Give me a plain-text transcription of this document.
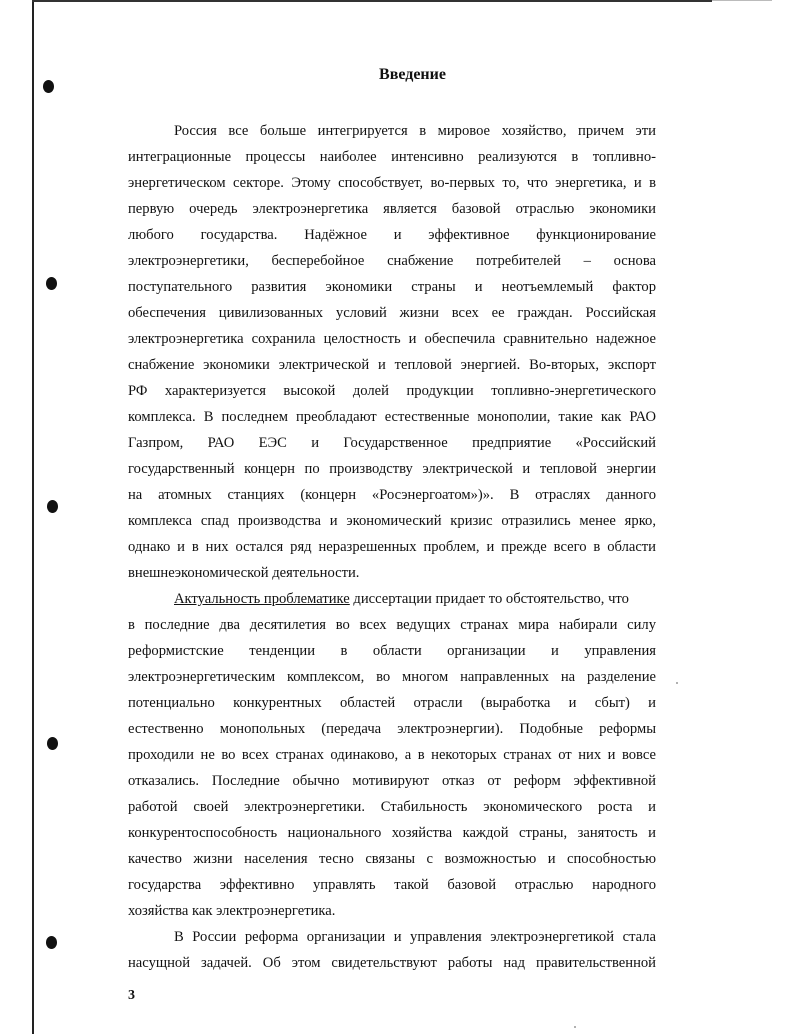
Введение
Россия все больше интегрируется в мировое хозяйство, причем эти
интеграционные процессы наиболее интенсивно реализуются в топливно-
энергетическом секторе. Этому способствует, во-первых то, что энергетика, и в
первую очередь электроэнергетика является базовой отраслью экономики
любого государства. Надёжное и эффективное функционирование
электроэнергетики, бесперебойное снабжение потребителей – основа
поступательного развития экономики страны и неотъемлемый фактор
обеспечения цивилизованных условий жизни всех ее граждан. Российская
электроэнергетика сохранила целостность и обеспечила сравнительно надежное
снабжение экономики электрической и тепловой энергией. Во-вторых, экспорт
РФ характеризуется высокой долей продукции топливно-энергетического
комплекса. В последнем преобладают естественные монополии, такие как РАО
Газпром, РАО ЕЭС и Государственное предприятие «Российский
государственный концерн по производству электрической и тепловой энергии
на атомных станциях (концерн «Росэнергоатом»)». В отраслях данного
комплекса спад производства и экономический кризис отразились менее ярко,
однако и в них остался ряд неразрешенных проблем, и прежде всего в области
внешнеэкономической деятельности.
Актуальность проблематике диссертации придает то обстоятельство, что
в последние два десятилетия во всех ведущих странах мира набирали силу
реформистские тенденции в области организации и управления
электроэнергетическим комплексом, во многом направленных на разделение
потенциально конкурентных областей отрасли (выработка и сбыт) и
естественно монопольных (передача электроэнергии). Подобные реформы
проходили не во всех странах одинаково, а в некоторых странах от них и вовсе
отказались. Последние обычно мотивируют отказ от реформ эффективной
работой своей электроэнергетики. Стабильность экономического роста и
конкурентоспособность национального хозяйства каждой страны, занятость и
качество жизни населения тесно связаны с возможностью и способностью
государства эффективно управлять такой базовой отраслью народного
хозяйства как электроэнергетика.
В России реформа организации и управления электроэнергетикой стала
насущной задачей. Об этом свидетельствуют работы над правительственной
3
